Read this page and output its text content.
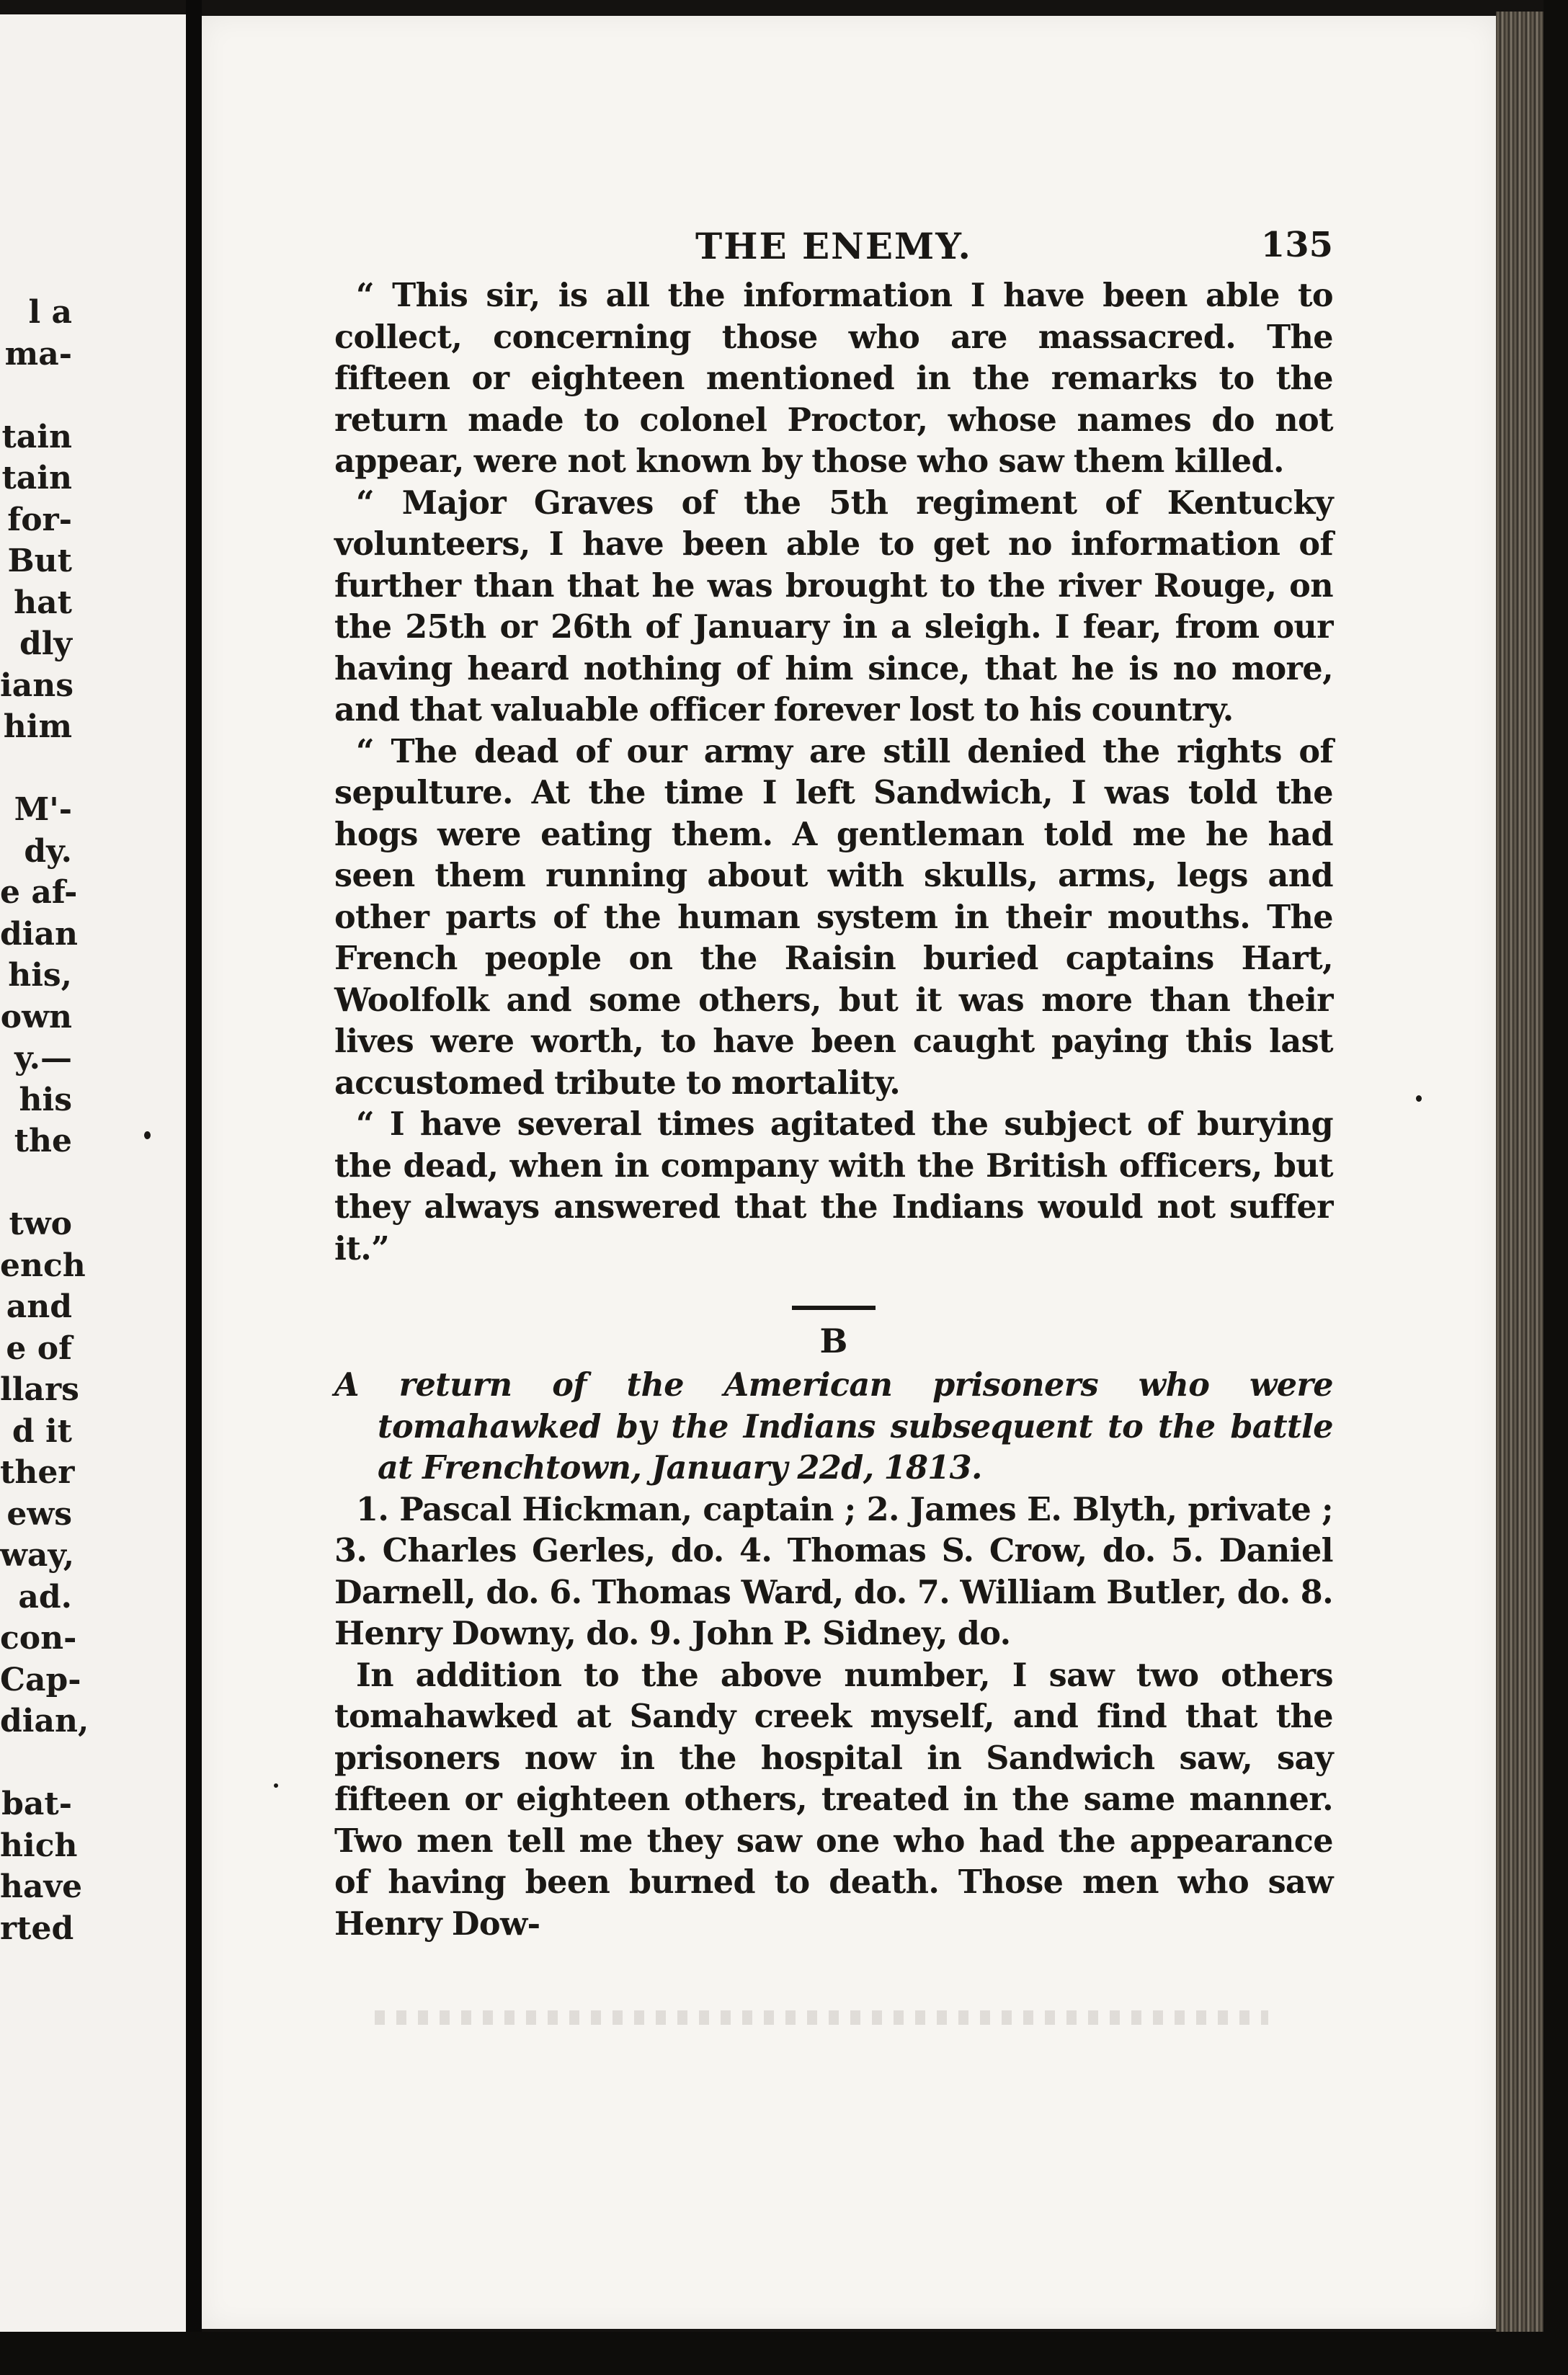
l a
ma-
tain
tain
for-
But
hat
dly
ians
him
M'-
dy.
e af-
dian
his,
own
y.—
his
the
two
ench
and
e of
llars
d it
ther
ews
way,
ad.
con-
Cap-
dian,
bat-
hich
have
rted
THE ENEMY.	135

“ This sir, is all the information I have been able to collect, concerning those who are massacred. The fifteen or eighteen mentioned in the remarks to the return made to colonel Proctor, whose names do not appear, were not known by those who saw them killed.

“ Major Graves of the 5th regiment of Kentucky volunteers, I have been able to get no information of further than that he was brought to the river Rouge, on the 25th or 26th of January in a sleigh. I fear, from our having heard nothing of him since, that he is no more, and that valuable officer forever lost to his country.

“ The dead of our army are still denied the rights of sepulture. At the time I left Sandwich, I was told the hogs were eating them. A gentleman told me he had seen them running about with skulls, arms, legs and other parts of the human system in their mouths. The French people on the Raisin buried captains Hart, Woolfolk and some others, but it was more than their lives were worth, to have been caught paying this last accustomed tribute to mortality.

“ I have several times agitated the subject of burying the dead, when in company with the British officers, but they always answered that the Indians would not suffer it.”

B

A return of the American prisoners who were tomahawked by the Indians subsequent to the battle at Frenchtown, January 22d, 1813.

1. Pascal Hickman, captain ; 2. James E. Blyth, private ; 3. Charles Gerles, do. 4. Thomas S. Crow, do. 5. Daniel Darnell, do. 6. Thomas Ward, do. 7. William Butler, do. 8. Henry Downy, do. 9. John P. Sidney, do.

In addition to the above number, I saw two others tomahawked at Sandy creek myself, and find that the prisoners now in the hospital in Sandwich saw, say fifteen or eighteen others, treated in the same manner. Two men tell me they saw one who had the appearance of having been burned to death. Those men who saw Henry Dow-
